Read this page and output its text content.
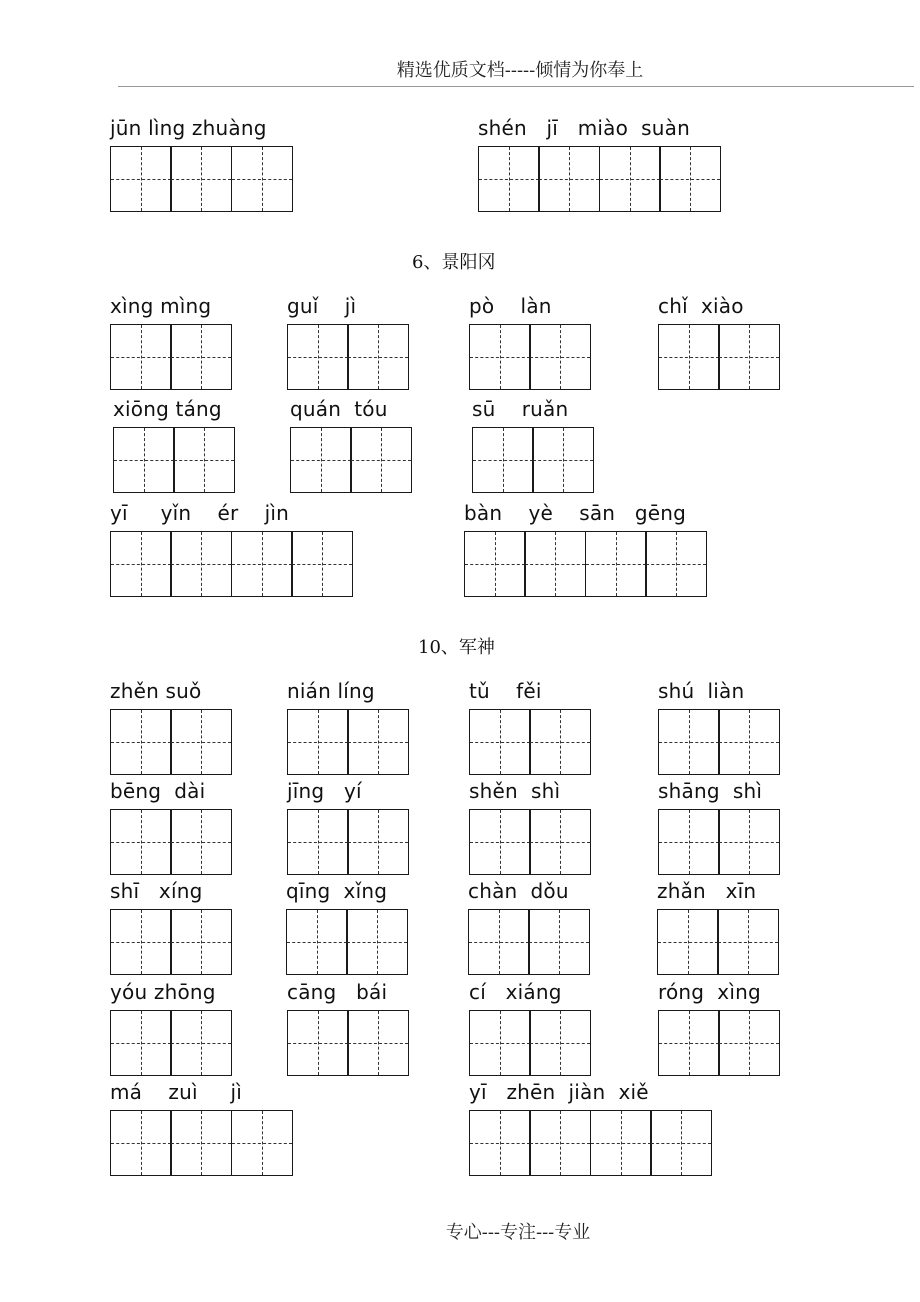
精选优质文档-----倾情为你奉上
6、景阳冈
10、军神
jūn lìng zhuàng	shén   jī   miào  suàn
xìng mìng	guǐ    jì	pò    làn	chǐ  xiào
xiōng táng	quán  tóu	sū    ruǎn
yī     yǐn    ér    jìn	bàn    yè    sān   gēng
zhěn suǒ	nián líng	tǔ    fěi	shú  liàn
bēng  dài	jīng   yí	shěn  shì	shāng  shì
shī   xíng	qīng  xǐng	chàn  dǒu	zhǎn   xīn
yóu zhōng	cāng   bái	cí   xiáng	róng  xìng
má    zuì     jì	yī   zhēn  jiàn  xiě
专心---专注---专业
